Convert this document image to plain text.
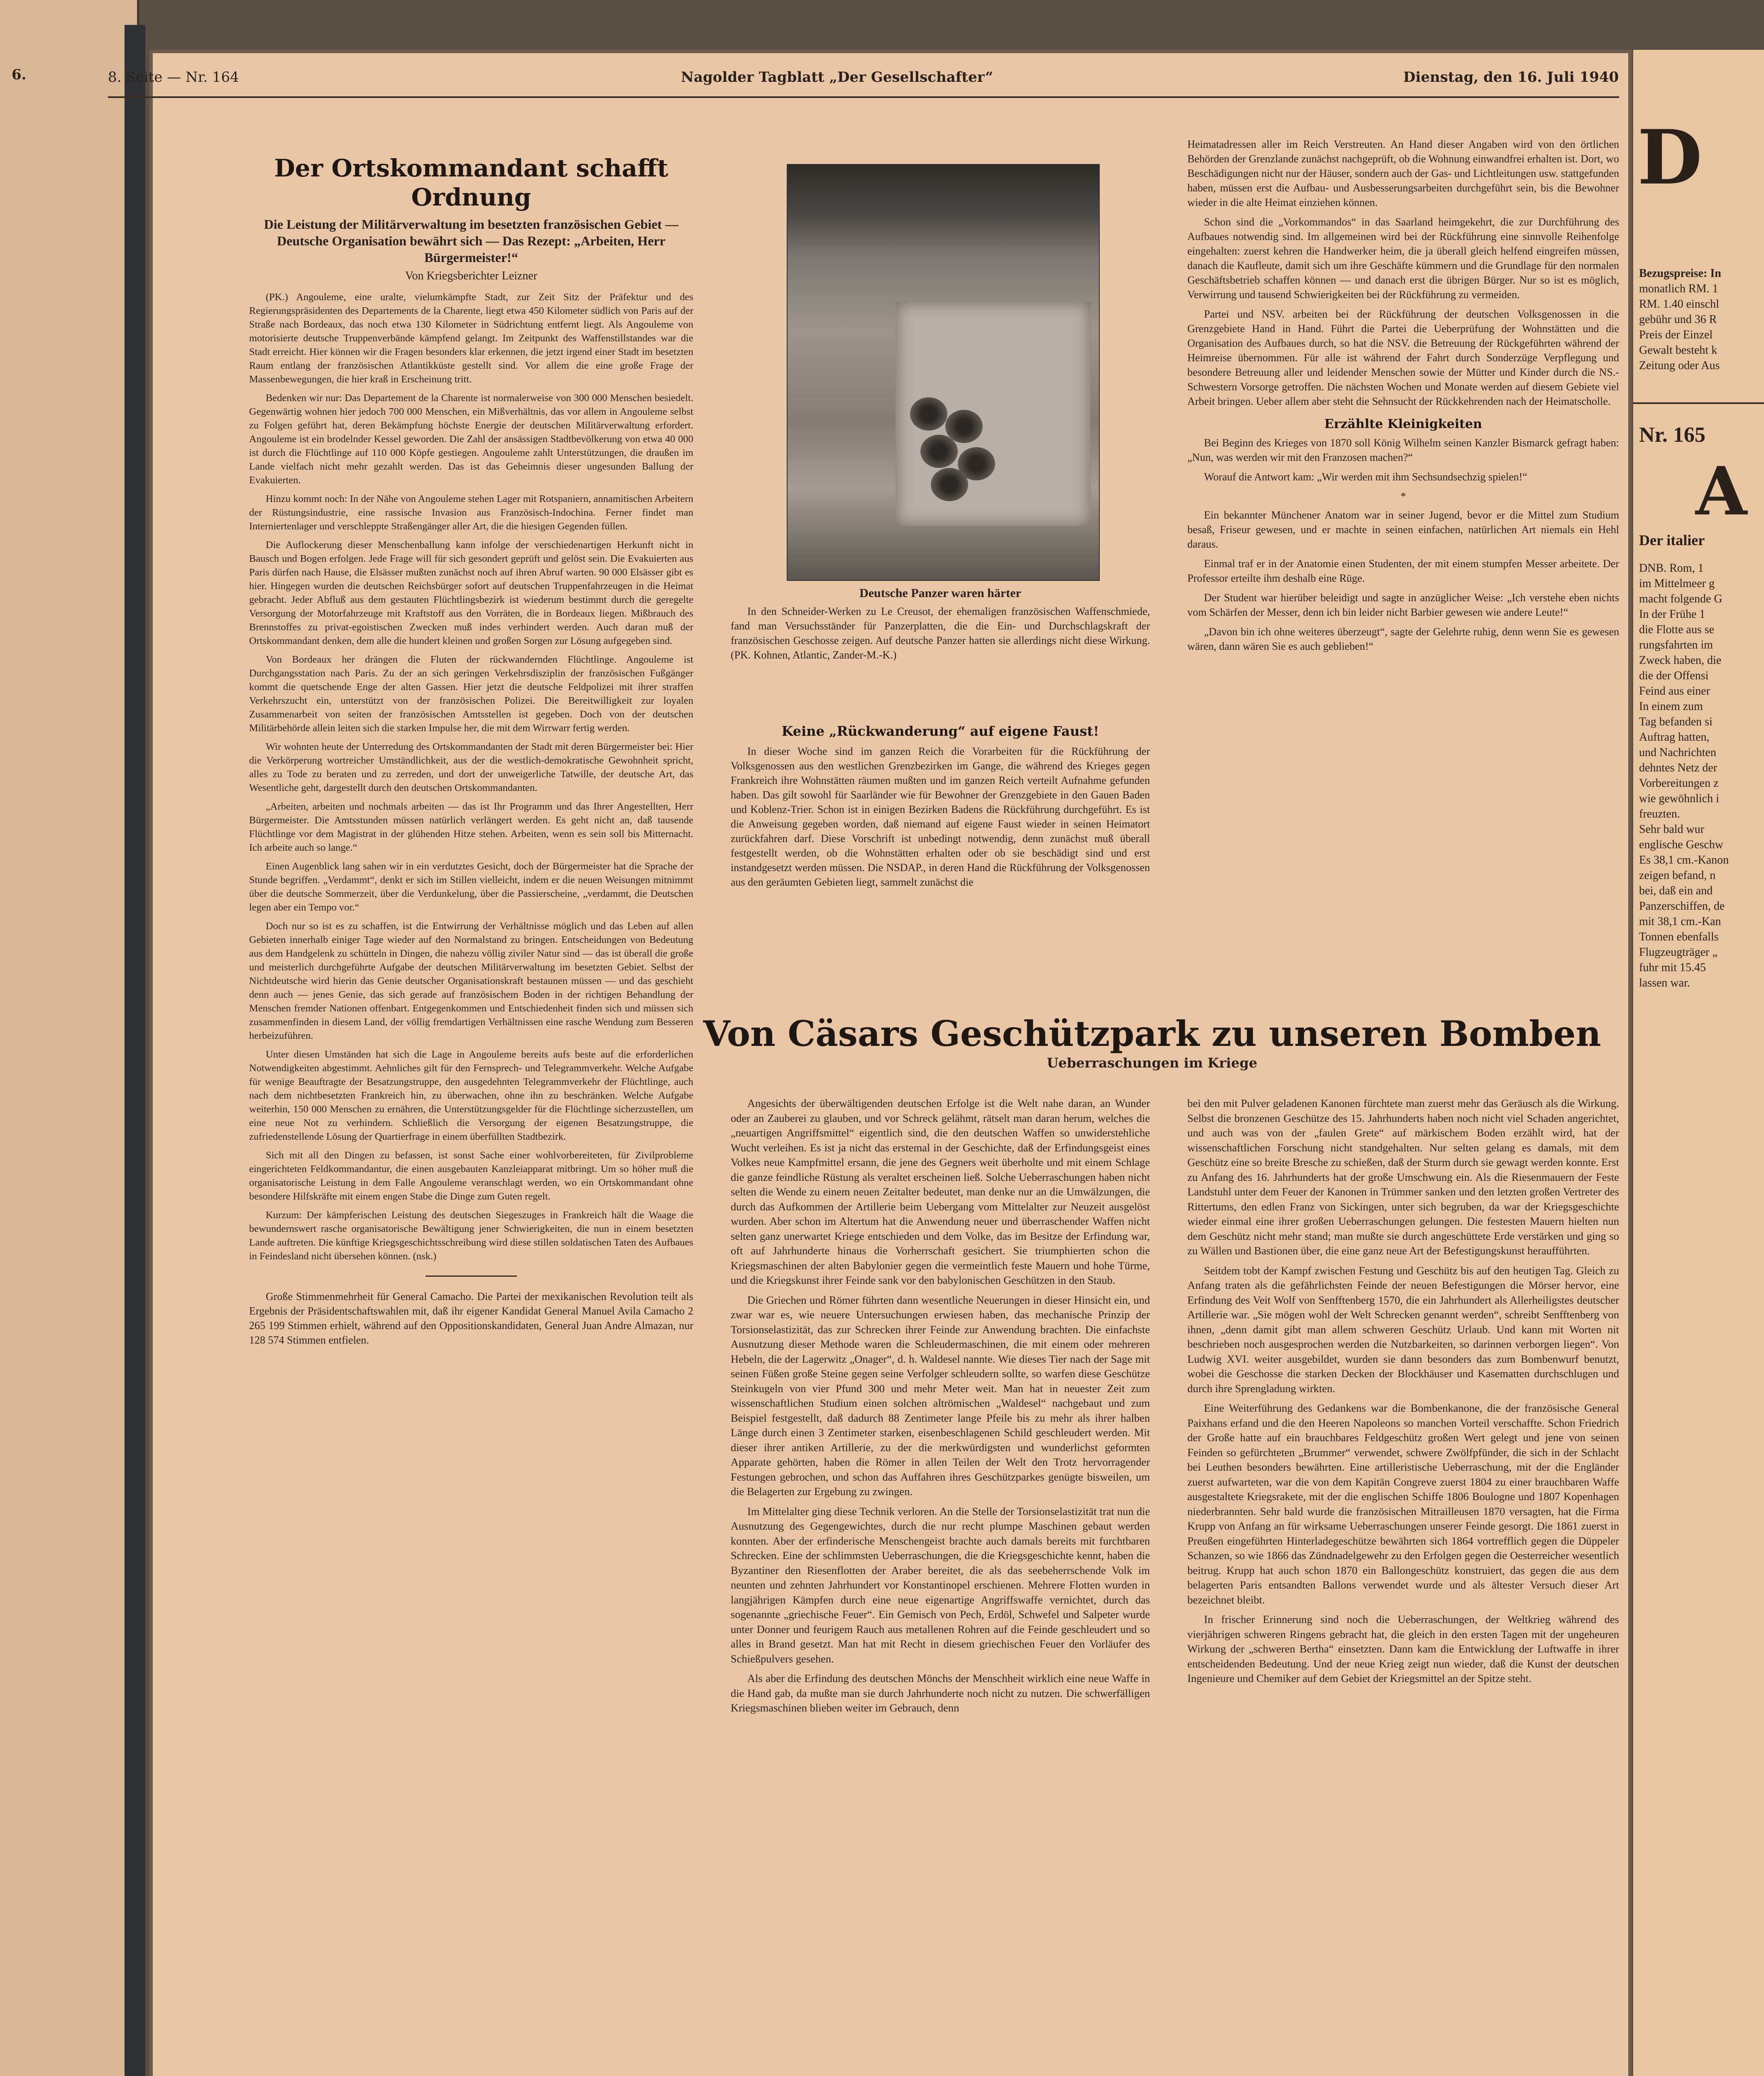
6.	8. Seite — Nr. 164	Nagolder Tagblatt „Der Gesellschafter“	Dienstag, den 16. Juli 1940
Der Ortskommandant schafft Ordnung
Die Leistung der Militärverwaltung im besetzten französischen Gebiet — Deutsche Organisation bewährt sich — Das Rezept: „Arbeiten, Herr Bürgermeister!“
Von Kriegsberichter Leizner

(PK.) Angouleme, eine uralte, vielumkämpfte Stadt, zur Zeit Sitz der Präfektur und des Regierungspräsidenten des Departements de la Charente, liegt etwa 450 Kilometer südlich von Paris auf der Straße nach Bordeaux, das noch etwa 130 Kilometer in Südrichtung entfernt liegt. Als Angouleme von motorisierte deutsche Truppenverbände kämpfend gelangt. Im Zeitpunkt des Waffenstillstandes war die Stadt erreicht. Hier können wir die Fragen besonders klar erkennen, die jetzt irgend einer Stadt im besetzten Raum entlang der französischen Atlantikküste gestellt sind. Vor allem die eine große Frage der Massenbewegungen, die hier kraß in Erscheinung tritt.

Bedenken wir nur: Das Departement de la Charente ist normalerweise von 300 000 Menschen besiedelt. Gegenwärtig wohnen hier jedoch 700 000 Menschen, ein Mißverhältnis, das vor allem in Angouleme selbst zu Folgen geführt hat, deren Bekämpfung höchste Energie der deutschen Militärverwaltung erfordert. Angouleme ist ein brodelnder Kessel geworden. Die Zahl der ansässigen Stadtbevölkerung von etwa 40 000 ist durch die Flüchtlinge auf 110 000 Köpfe gestiegen. Angouleme zahlt Unterstützungen, die draußen im Lande vielfach nicht mehr gezahlt werden. Das ist das Geheimnis dieser ungesunden Ballung der Evakuierten.

Hinzu kommt noch: In der Nähe von Angouleme stehen Lager mit Rotspaniern, annamitischen Arbeitern der Rüstungsindustrie, eine rassische Invasion aus Französisch-Indochina. Ferner findet man Interniertenlager und verschleppte Straßengänger aller Art, die die hiesigen Gegenden füllen.

Die Auflockerung dieser Menschenballung kann infolge der verschiedenartigen Herkunft nicht in Bausch und Bogen erfolgen. Jede Frage will für sich gesondert geprüft und gelöst sein. Die Evakuierten aus Paris dürfen nach Hause, die Elsässer mußten zunächst noch auf ihren Abruf warten. 90 000 Elsässer gibt es hier. Hingegen wurden die deutschen Reichsbürger sofort auf deutschen Truppenfahrzeugen in die Heimat gebracht. Jeder Abfluß aus dem gestauten Flüchtlingsbezirk ist wiederum bestimmt durch die geregelte Versorgung der Motorfahrzeuge mit Kraftstoff aus den Vorräten, die in Bordeaux liegen. Mißbrauch des Brennstoffes zu privat-egoistischen Zwecken muß indes verhindert werden. Auch daran muß der Ortskommandant denken, dem alle die hundert kleinen und großen Sorgen zur Lösung aufgegeben sind.

Von Bordeaux her drängen die Fluten der rückwandernden Flüchtlinge. Angouleme ist Durchgangsstation nach Paris. Zu der an sich geringen Verkehrsdisziplin der französischen Fußgänger kommt die quetschende Enge der alten Gassen. Hier jetzt die deutsche Feldpolizei mit ihrer straffen Verkehrszucht ein, unterstützt von der französischen Polizei. Die Bereitwilligkeit zur loyalen Zusammenarbeit von seiten der französischen Amtsstellen ist gegeben. Doch von der deutschen Militärbehörde allein leiten sich die starken Impulse her, die mit dem Wirrwarr fertig werden.

Wir wohnten heute der Unterredung des Ortskommandanten der Stadt mit deren Bürgermeister bei: Hier die Verkörperung wortreicher Umständlichkeit, aus der die westlich-demokratische Gewohnheit spricht, alles zu Tode zu beraten und zu zerreden, und dort der unweigerliche Tatwille, der deutsche Art, das Wesentliche geht, dargestellt durch den deutschen Ortskommandanten.

„Arbeiten, arbeiten und nochmals arbeiten — das ist Ihr Programm und das Ihrer Angestellten, Herr Bürgermeister. Die Amtsstunden müssen natürlich verlängert werden. Es geht nicht an, daß tausende Flüchtlinge vor dem Magistrat in der glühenden Hitze stehen. Arbeiten, wenn es sein soll bis Mitternacht. Ich arbeite auch so lange.“

Einen Augenblick lang sahen wir in ein verdutztes Gesicht, doch der Bürgermeister hat die Sprache der Stunde begriffen. „Verdammt“, denkt er sich im Stillen vielleicht, indem er die neuen Weisungen mitnimmt über die deutsche Sommerzeit, über die Verdunkelung, über die Passierscheine, „verdammt, die Deutschen legen aber ein Tempo vor.“

Doch nur so ist es zu schaffen, ist die Entwirrung der Verhältnisse möglich und das Leben auf allen Gebieten innerhalb einiger Tage wieder auf den Normalstand zu bringen. Entscheidungen von Bedeutung aus dem Handgelenk zu schütteln in Dingen, die nahezu völlig ziviler Natur sind — das ist überall die große und meisterlich durchgeführte Aufgabe der deutschen Militärverwaltung im besetzten Gebiet. Selbst der Nichtdeutsche wird hierin das Genie deutscher Organisationskraft bestaunen müssen — und das geschieht denn auch — jenes Genie, das sich gerade auf französischem Boden in der richtigen Behandlung der Menschen fremder Nationen offenbart. Entgegenkommen und Entschiedenheit finden sich und müssen sich zusammenfinden in diesem Land, der völlig fremdartigen Verhältnissen eine rasche Wendung zum Besseren herbeizuführen.

Unter diesen Umständen hat sich die Lage in Angouleme bereits aufs beste auf die erforderlichen Notwendigkeiten abgestimmt. Aehnliches gilt für den Fernsprech- und Telegrammverkehr. Welche Aufgabe für wenige Beauftragte der Besatzungstruppe, den ausgedehnten Telegrammverkehr der Flüchtlinge, auch nach dem nichtbesetzten Frankreich hin, zu überwachen, ohne ihn zu beschränken. Welche Aufgabe weiterhin, 150 000 Menschen zu ernähren, die Unterstützungsgelder für die Flüchtlinge sicherzustellen, um eine neue Not zu verhindern. Schließlich die Versorgung der eigenen Besatzungstruppe, die zufriedenstellende Lösung der Quartierfrage in einem überfüllten Stadtbezirk.

Sich mit all den Dingen zu befassen, ist sonst Sache einer wohlvorbereiteten, für Zivilprobleme eingerichteten Feldkommandantur, die einen ausgebauten Kanzleiapparat mitbringt. Um so höher muß die organisatorische Leistung in dem Falle Angouleme veranschlagt werden, wo ein Ortskommandant ohne besondere Hilfskräfte mit einem engen Stabe die Dinge zum Guten regelt.

Kurzum: Der kämpferischen Leistung des deutschen Siegeszuges in Frankreich hält die Waage die bewundernswert rasche organisatorische Bewältigung jener Schwierigkeiten, die nun in einem besetzten Lande auftreten. Die künftige Kriegsgeschichtsschreibung wird diese stillen soldatischen Taten des Aufbaues in Feindesland nicht übersehen können. (nsk.)

Große Stimmenmehrheit für General Camacho. Die Partei der mexikanischen Revolution teilt als Ergebnis der Präsidentschaftswahlen mit, daß ihr eigener Kandidat General Manuel Avila Camacho 2 265 199 Stimmen erhielt, während auf den Oppositionskandidaten, General Juan Andre Almazan, nur 128 574 Stimmen entfielen.

Deutsche Panzer waren härter

In den Schneider-Werken zu Le Creusot, der ehemaligen französischen Waffenschmiede, fand man Versuchsständer für Panzerplatten, die die Ein- und Durchschlagskraft der französischen Geschosse zeigen. Auf deutsche Panzer hatten sie allerdings nicht diese Wirkung. (PK. Kohnen, Atlantic, Zander-M.-K.)

Keine „Rückwanderung“ auf eigene Faust!

In dieser Woche sind im ganzen Reich die Vorarbeiten für die Rückführung der Volksgenossen aus den westlichen Grenzbezirken im Gange, die während des Krieges gegen Frankreich ihre Wohnstätten räumen mußten und im ganzen Reich verteilt Aufnahme gefunden haben. Das gilt sowohl für Saarländer wie für Bewohner der Grenzgebiete in den Gauen Baden und Koblenz-Trier. Schon ist in einigen Bezirken Badens die Rückführung durchgeführt. Es ist die Anweisung gegeben worden, daß niemand auf eigene Faust wieder in seinen Heimatort zurückfahren darf. Diese Vorschrift ist unbedingt notwendig, denn zunächst muß überall festgestellt werden, ob die Wohnstätten erhalten oder ob sie beschädigt sind und erst instandgesetzt werden müssen. Die NSDAP., in deren Hand die Rückführung der Volksgenossen aus den geräumten Gebieten liegt, sammelt zunächst die

Heimatadressen aller im Reich Verstreuten. An Hand dieser Angaben wird von den örtlichen Behörden der Grenzlande zunächst nachgeprüft, ob die Wohnung einwandfrei erhalten ist. Dort, wo Beschädigungen nicht nur der Häuser, sondern auch der Gas- und Lichtleitungen usw. stattgefunden haben, müssen erst die Aufbau- und Ausbesserungsarbeiten durchgeführt sein, bis die Bewohner wieder in die alte Heimat einziehen können.

Schon sind die „Vorkommandos“ in das Saarland heimgekehrt, die zur Durchführung des Aufbaues notwendig sind. Im allgemeinen wird bei der Rückführung eine sinnvolle Reihenfolge eingehalten: zuerst kehren die Handwerker heim, die ja überall gleich helfend eingreifen müssen, danach die Kaufleute, damit sich um ihre Geschäfte kümmern und die Grundlage für den normalen Geschäftsbetrieb schaffen können — und danach erst die übrigen Bürger. Nur so ist es möglich, Verwirrung und tausend Schwierigkeiten bei der Rückführung zu vermeiden.

Partei und NSV. arbeiten bei der Rückführung der deutschen Volksgenossen in die Grenzgebiete Hand in Hand. Führt die Partei die Ueberprüfung der Wohnstätten und die Organisation des Aufbaues durch, so hat die NSV. die Betreuung der Rückgeführten während der Heimreise übernommen. Für alle ist während der Fahrt durch Sonderzüge Verpflegung und besondere Betreuung aller und leidender Menschen sowie der Mütter und Kinder durch die NS.-Schwestern Vorsorge getroffen. Die nächsten Wochen und Monate werden auf diesem Gebiete viel Arbeit bringen. Ueber allem aber steht die Sehnsucht der Rückkehrenden nach der Heimatscholle.

Erzählte Kleinigkeiten

Bei Beginn des Krieges von 1870 soll König Wilhelm seinen Kanzler Bismarck gefragt haben: „Nun, was werden wir mit den Franzosen machen?“

Worauf die Antwort kam: „Wir werden mit ihm Sechsundsechzig spielen!“

*

Ein bekannter Münchener Anatom war in seiner Jugend, bevor er die Mittel zum Studium besaß, Friseur gewesen, und er machte in seinen einfachen, natürlichen Art niemals ein Hehl daraus.

Einmal traf er in der Anatomie einen Studenten, der mit einem stumpfen Messer arbeitete. Der Professor erteilte ihm deshalb eine Rüge.

Der Student war hierüber beleidigt und sagte in anzüglicher Weise: „Ich verstehe eben nichts vom Schärfen der Messer, denn ich bin leider nicht Barbier gewesen wie andere Leute!“

„Davon bin ich ohne weiteres überzeugt“, sagte der Gelehrte ruhig, denn wenn Sie es gewesen wären, dann wären Sie es auch geblieben!“

Von Cäsars Geschützpark zu unseren Bomben
Ueberraschungen im Kriege

Angesichts der überwältigenden deutschen Erfolge ist die Welt nahe daran, an Wunder oder an Zauberei zu glauben, und vor Schreck gelähmt, rätselt man daran herum, welches die „neuartigen Angriffsmittel“ eigentlich sind, die den deutschen Waffen so unwiderstehliche Wucht verleihen. Es ist ja nicht das erstemal in der Geschichte, daß der Erfindungsgeist eines Volkes neue Kampfmittel ersann, die jene des Gegners weit überholte und mit einem Schlage die ganze feindliche Rüstung als veraltet erscheinen ließ. Solche Ueberraschungen haben nicht selten die Wende zu einem neuen Zeitalter bedeutet, man denke nur an die Umwälzungen, die durch das Aufkommen der Artillerie beim Uebergang vom Mittelalter zur Neuzeit ausgelöst wurden. Aber schon im Altertum hat die Anwendung neuer und überraschender Waffen nicht selten ganz unerwartet Kriege entschieden und dem Volke, das im Besitze der Erfindung war, oft auf Jahrhunderte hinaus die Vorherrschaft gesichert. Sie triumphierten schon die Kriegsmaschinen der alten Babylonier gegen die vermeintlich feste Mauern und hohe Türme, und die Kriegskunst ihrer Feinde sank vor den babylonischen Geschützen in den Staub.

Die Griechen und Römer führten dann wesentliche Neuerungen in dieser Hinsicht ein, und zwar war es, wie neuere Untersuchungen erwiesen haben, das mechanische Prinzip der Torsionselastizität, das zur Schrecken ihrer Feinde zur Anwendung brachten. Die einfachste Ausnutzung dieser Methode waren die Schleudermaschinen, die mit einem oder mehreren Hebeln, die der Lagerwitz „Onager“, d. h. Waldesel nannte. Wie dieses Tier nach der Sage mit seinen Füßen große Steine gegen seine Verfolger schleudern sollte, so warfen diese Geschütze Steinkugeln von vier Pfund 300 und mehr Meter weit. Man hat in neuester Zeit zum wissenschaftlichen Studium einen solchen altrömischen „Waldesel“ nachgebaut und zum Beispiel festgestellt, daß dadurch 88 Zentimeter lange Pfeile bis zu mehr als ihrer halben Länge durch einen 3 Zentimeter starken, eisenbeschlagenen Schild geschleudert werden. Mit dieser ihrer antiken Artillerie, zu der die merkwürdigsten und wunderlichst geformten Apparate gehörten, haben die Römer in allen Teilen der Welt den Trotz hervorragender Festungen gebrochen, und schon das Auffahren ihres Geschützparkes genügte bisweilen, um die Belagerten zur Ergebung zu zwingen.

Im Mittelalter ging diese Technik verloren. An die Stelle der Torsionselastizität trat nun die Ausnutzung des Gegengewichtes, durch die nur recht plumpe Maschinen gebaut werden konnten. Aber der erfinderische Menschengeist brachte auch damals bereits mit furchtbaren Schrecken. Eine der schlimmsten Ueberraschungen, die die Kriegsgeschichte kennt, haben die Byzantiner den Riesenflotten der Araber bereitet, die als das seebeherrschende Volk im neunten und zehnten Jahrhundert vor Konstantinopel erschienen. Mehrere Flotten wurden in langjährigen Kämpfen durch eine neue eigenartige Angriffswaffe vernichtet, durch das sogenannte „griechische Feuer“. Ein Gemisch von Pech, Erdöl, Schwefel und Salpeter wurde unter Donner und feurigem Rauch aus metallenen Rohren auf die Feinde geschleudert und so alles in Brand gesetzt. Man hat mit Recht in diesem griechischen Feuer den Vorläufer des Schießpulvers gesehen.

Als aber die Erfindung des deutschen Mönchs der Menschheit wirklich eine neue Waffe in die Hand gab, da mußte man sie durch Jahrhunderte noch nicht zu nutzen. Die schwerfälligen Kriegsmaschinen blieben weiter im Gebrauch, denn

bei den mit Pulver geladenen Kanonen fürchtete man zuerst mehr das Geräusch als die Wirkung. Selbst die bronzenen Geschütze des 15. Jahrhunderts haben noch nicht viel Schaden angerichtet, und auch was von der „faulen Grete“ auf märkischem Boden erzählt wird, hat der wissenschaftlichen Forschung nicht standgehalten. Nur selten gelang es damals, mit dem Geschütz eine so breite Bresche zu schießen, daß der Sturm durch sie gewagt werden konnte. Erst zu Anfang des 16. Jahrhunderts hat der große Umschwung ein. Als die Riesenmauern der Feste Landstuhl unter dem Feuer der Kanonen in Trümmer sanken und den letzten großen Vertreter des Rittertums, den edlen Franz von Sickingen, unter sich begruben, da war der Kriegsgeschichte wieder einmal eine ihrer großen Ueberraschungen gelungen. Die festesten Mauern hielten nun dem Geschütz nicht mehr stand; man mußte sie durch angeschüttete Erde verstärken und ging so zu Wällen und Bastionen über, die eine ganz neue Art der Befestigungskunst heraufführten.

Seitdem tobt der Kampf zwischen Festung und Geschütz bis auf den heutigen Tag. Gleich zu Anfang traten als die gefährlichsten Feinde der neuen Befestigungen die Mörser hervor, eine Erfindung des Veit Wolf von Senfftenberg 1570, die ein Jahrhundert als Allerheiligstes deutscher Artillerie war. „Sie mögen wohl der Welt Schrecken genannt werden“, schreibt Senfftenberg von ihnen, „denn damit gibt man allem schweren Geschütz Urlaub. Und kann mit Worten nit beschrieben noch ausgesprochen werden die Nutzbarkeiten, so darinnen verborgen liegen“. Von Ludwig XVI. weiter ausgebildet, wurden sie dann besonders das zum Bombenwurf benutzt, wobei die Geschosse die starken Decken der Blockhäuser und Kasematten durchschlugen und durch ihre Sprengladung wirkten.

Eine Weiterführung des Gedankens war die Bombenkanone, die der französische General Paixhans erfand und die den Heeren Napoleons so manchen Vorteil verschaffte. Schon Friedrich der Große hatte auf ein brauchbares Feldgeschütz großen Wert gelegt und jene von seinen Feinden so gefürchteten „Brummer“ verwendet, schwere Zwölfpfünder, die sich in der Schlacht bei Leuthen besonders bewährten. Eine artilleristische Ueberraschung, mit der die Engländer zuerst aufwarteten, war die von dem Kapitän Congreve zuerst 1804 zu einer brauchbaren Waffe ausgestaltete Kriegsrakete, mit der die englischen Schiffe 1806 Boulogne und 1807 Kopenhagen niederbrannten. Sehr bald wurde die französischen Mitrailleusen 1870 versagten, hat die Firma Krupp von Anfang an für wirksame Ueberraschungen unserer Feinde gesorgt. Die 1861 zuerst in Preußen eingeführten Hinterladegeschütze bewährten sich 1864 vortrefflich gegen die Düppeler Schanzen, so wie 1866 das Zündnadelgewehr zu den Erfolgen gegen die Oesterreicher wesentlich beitrug. Krupp hat auch schon 1870 ein Ballongeschütz konstruiert, das gegen die aus dem belagerten Paris entsandten Ballons verwendet wurde und als ältester Versuch dieser Art bezeichnet bleibt.

In frischer Erinnerung sind noch die Ueberraschungen, der Weltkrieg während des vierjährigen schweren Ringens gebracht hat, die gleich in den ersten Tagen mit der ungeheuren Wirkung der „schweren Bertha“ einsetzten. Dann kam die Entwicklung der Luftwaffe in ihrer entscheidenden Bedeutung. Und der neue Krieg zeigt nun wieder, daß die Kunst der deutschen Ingenieure und Chemiker auf dem Gebiet der Kriegsmittel an der Spitze steht.

D
Bezugspreise: In
monatlich RM. 1
RM. 1.40 einschl
gebühr und 36 R
Preis der Einzel
Gewalt besteht k
Zeitung oder Aus
Nr. 165
A
Der italier
DNB. Rom, 1
im Mittelmeer g
macht folgende G
In der Frühe 1
die Flotte aus se
rungsfahrten im
Zweck haben, die
die der Offensi
Feind aus einer
In einem zum
Tag befanden si
Auftrag hatten,
und Nachrichten
dehntes Netz der
Vorbereitungen z
wie gewöhnlich i
freuzten.
Sehr bald wur
englische Geschw
Es 38,1 cm.-Kanon
zeigen befand, n
bei, daß ein and
Panzerschiffen, de
mit 38,1 cm.-Kan
Tonnen ebenfalls
Flugzeugträger „
fuhr mit 15.45
lassen war.
